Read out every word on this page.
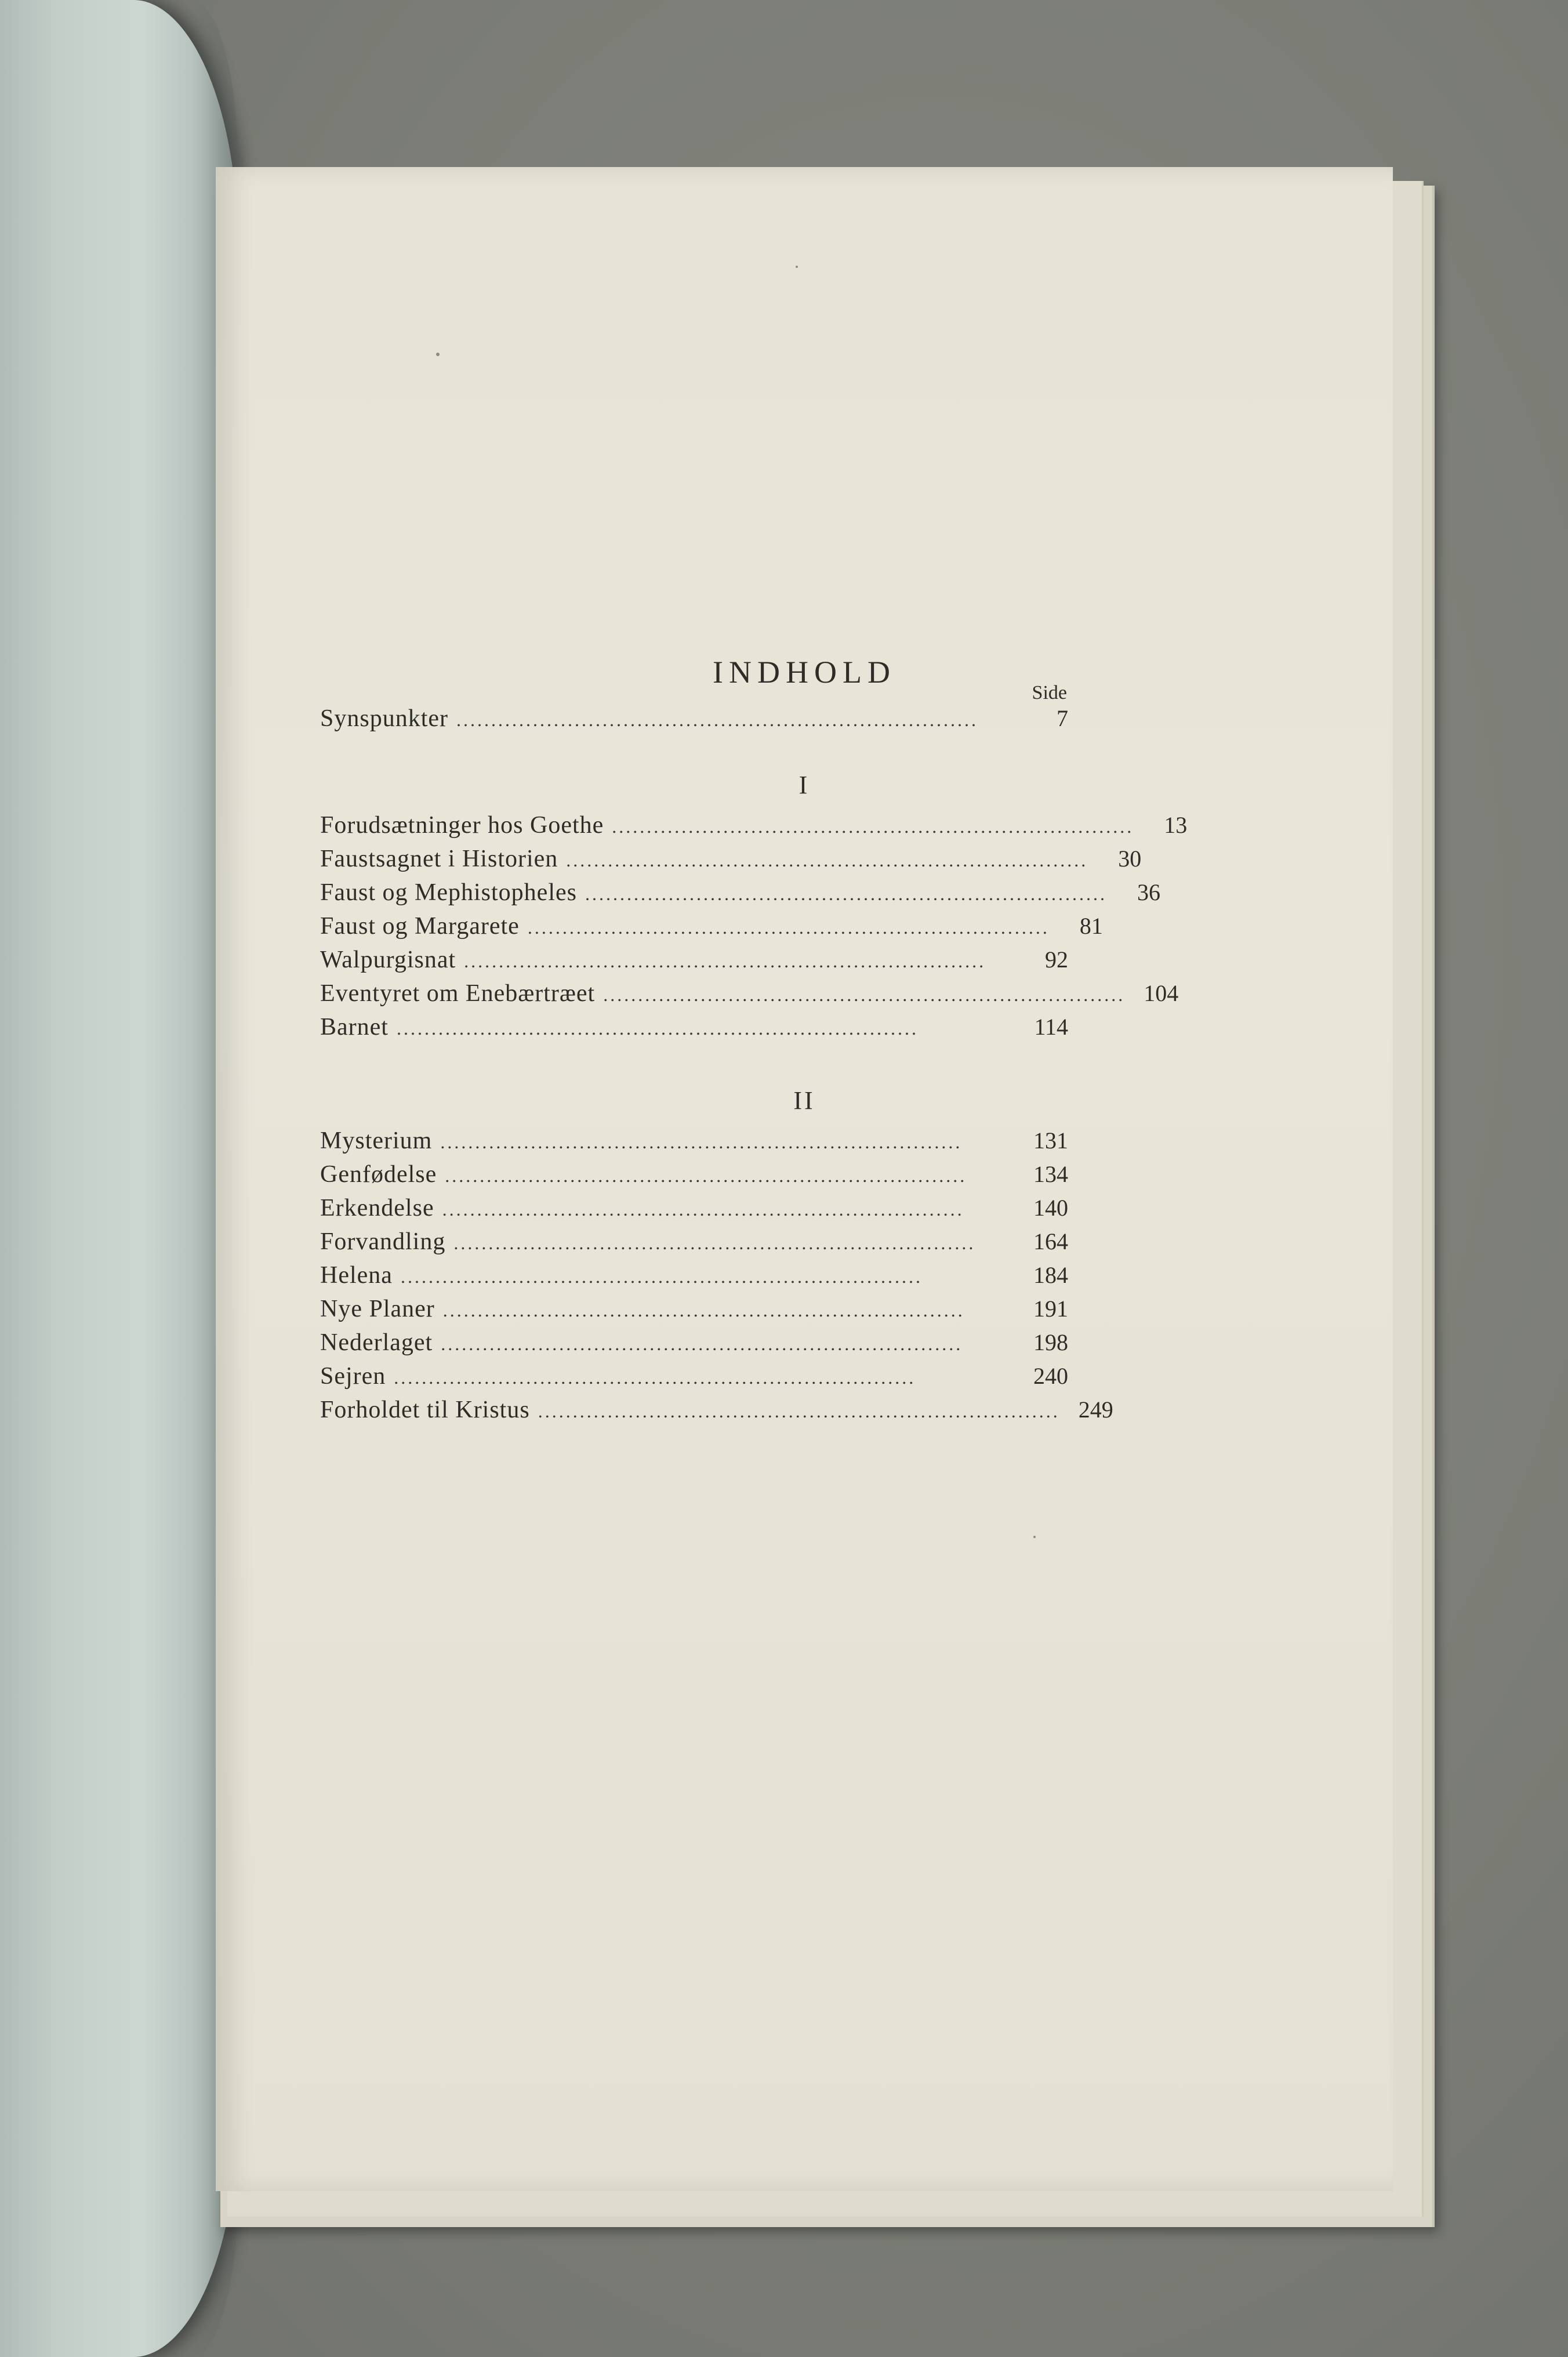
INDHOLD
Side
Synspunkter ...........................................................................	7
I
Forudsætninger hos Goethe ...........................................................................	13
Faustsagnet i Historien ...........................................................................	30
Faust og Mephistopheles ...........................................................................	36
Faust og Margarete ...........................................................................	81
Walpurgisnat ...........................................................................	92
Eventyret om Enebærtræet ........................................................................... 104
Barnet ...........................................................................	114
II
Mysterium ...........................................................................	131
Genfødelse ...........................................................................	134
Erkendelse ...........................................................................	140
Forvandling ...........................................................................	164
Helena ...........................................................................	184
Nye Planer ...........................................................................	191
Nederlaget ...........................................................................	198
Sejren ...........................................................................	240
Forholdet til Kristus ........................................................................... 249
